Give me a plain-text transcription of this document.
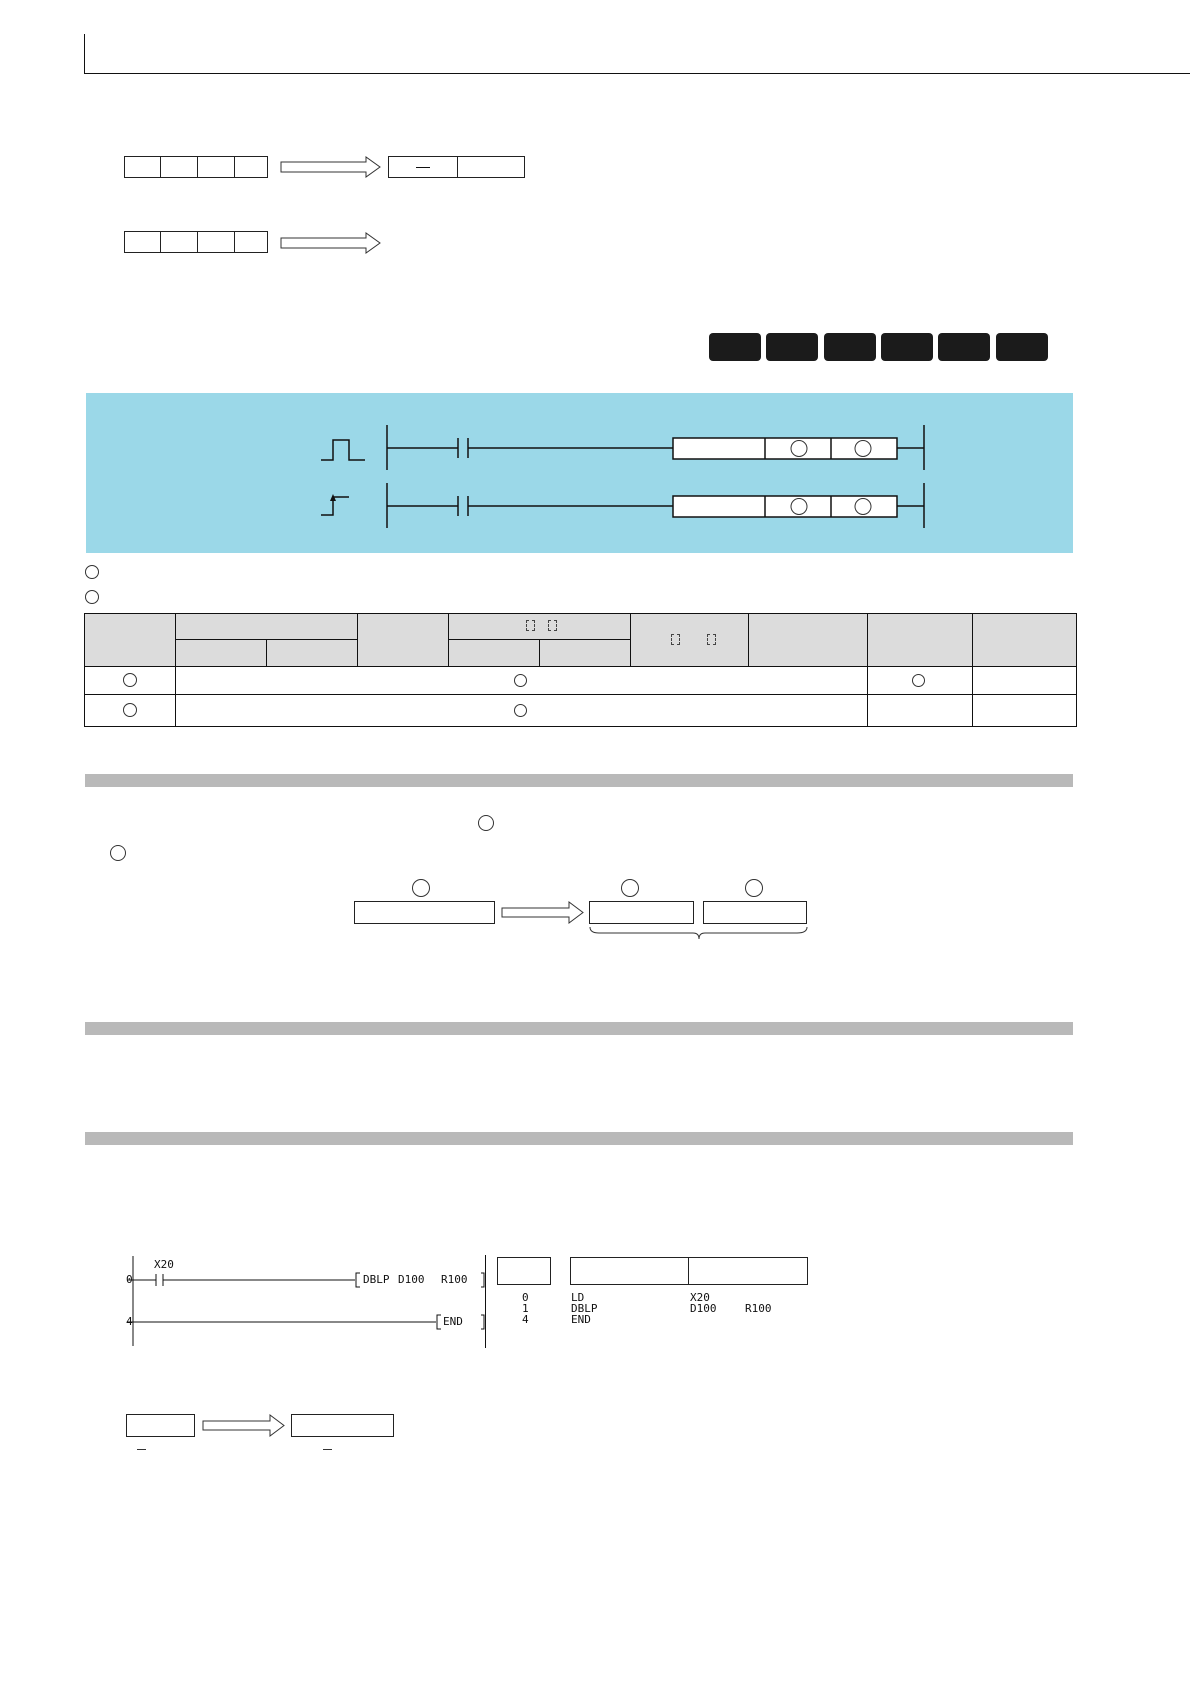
0
4
X20
DBLP D100 R100
END
0
1
4
LD
DBLP
END
X20
D100	R100
